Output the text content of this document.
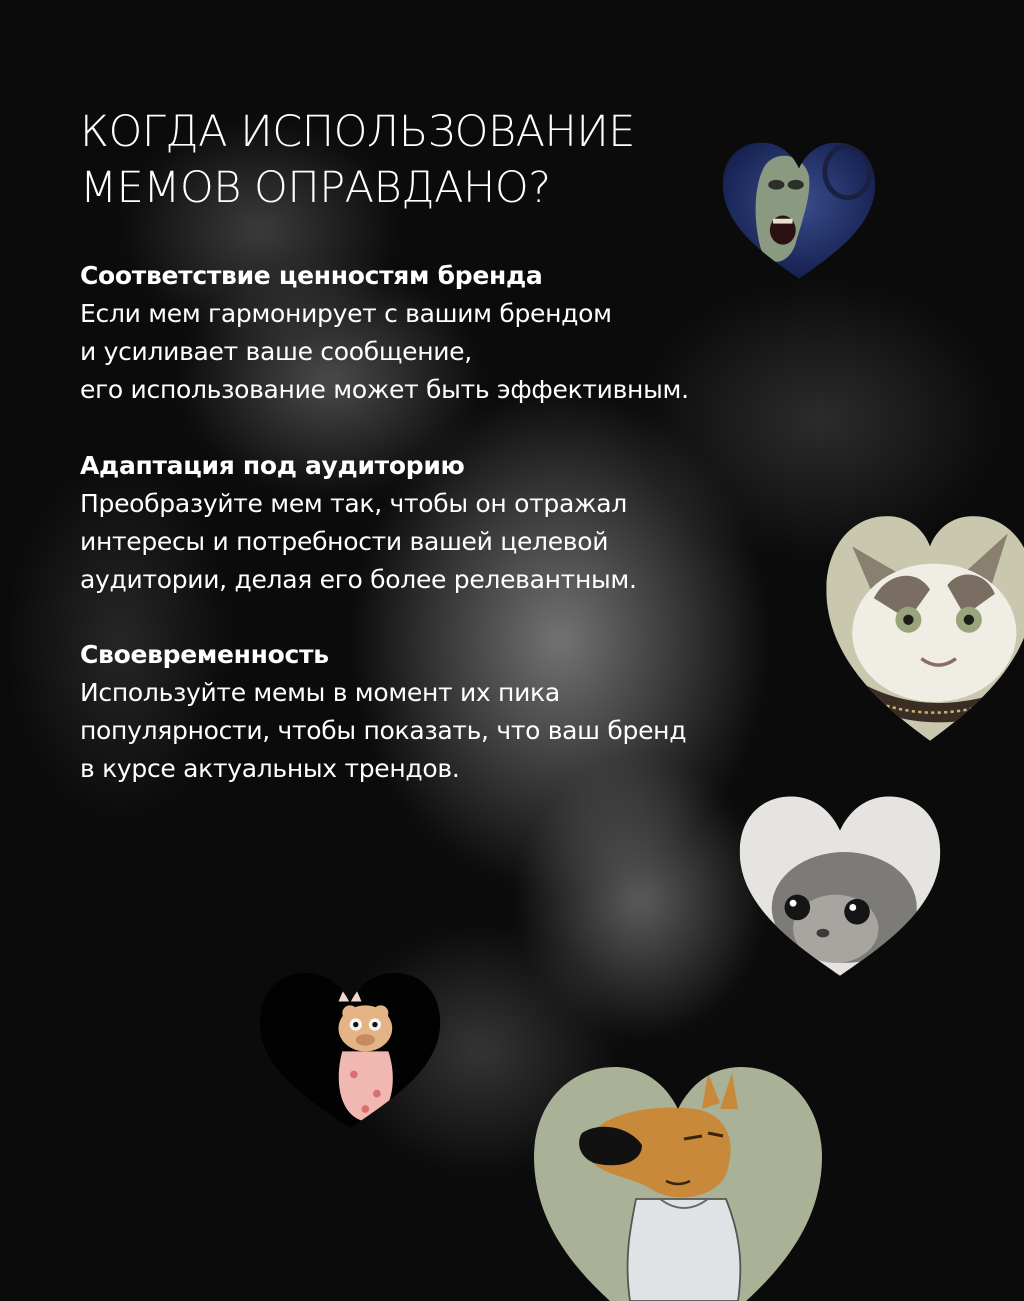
КОГДА ИСПОЛЬЗОВАНИЕ
МЕМОВ ОПРАВДАНО?
Соответствие ценностям бренда

Если мем гармонирует с вашим брендом
и усиливает ваше сообщение,
его использование может быть эффективным.

Адаптация под аудиторию

Преобразуйте мем так, чтобы он отражал
интересы и потребности вашей целевой
аудитории, делая его более релевантным.

Своевременность

Используйте мемы в момент их пика
популярности, чтобы показать, что ваш бренд
в курсе актуальных трендов.
